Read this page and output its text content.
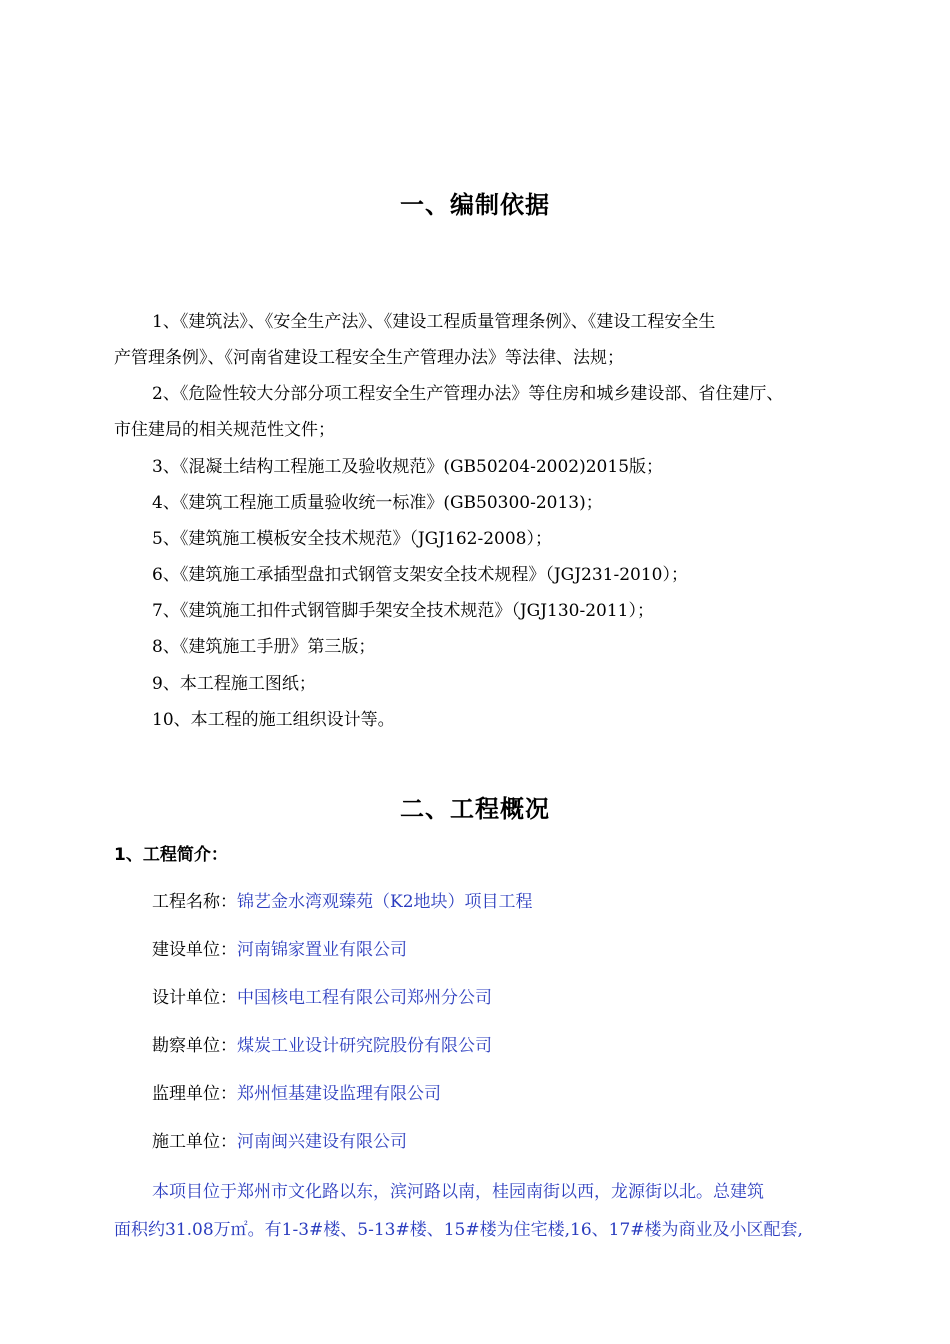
一、编制依据
1、《建筑法》、《安全生产法》、《建设工程质量管理条例》、《建设工程安全生
产管理条例》、《河南省建设工程安全生产管理办法》等法律、法规；
2、《危险性较大分部分项工程安全生产管理办法》等住房和城乡建设部、省住建厅、
市住建局的相关规范性文件；
3、《混凝土结构工程施工及验收规范》(GB50204-2002)2015版；
4、《建筑工程施工质量验收统一标准》(GB50300-2013)；
5、《建筑施工模板安全技术规范》（JGJ162-2008）；
6、《建筑施工承插型盘扣式钢管支架安全技术规程》（JGJ231-2010）；
7、《建筑施工扣件式钢管脚手架安全技术规范》（JGJ130-2011）；
8、《建筑施工手册》第三版；
9、本工程施工图纸；
10、本工程的施工组织设计等。
二、工程概况
1、工程简介：
工程名称：锦艺金水湾观臻苑（K2地块）项目工程
建设单位：河南锦家置业有限公司
设计单位：中国核电工程有限公司郑州分公司
勘察单位：煤炭工业设计研究院股份有限公司
监理单位：郑州恒基建设监理有限公司
施工单位：河南闽兴建设有限公司
本项目位于郑州市文化路以东，滨河路以南，桂园南街以西，龙源街以北。总建筑
面积约31.08万㎡。有1-3#楼、5-13#楼、15#楼为住宅楼,16、17#楼为商业及小区配套,
